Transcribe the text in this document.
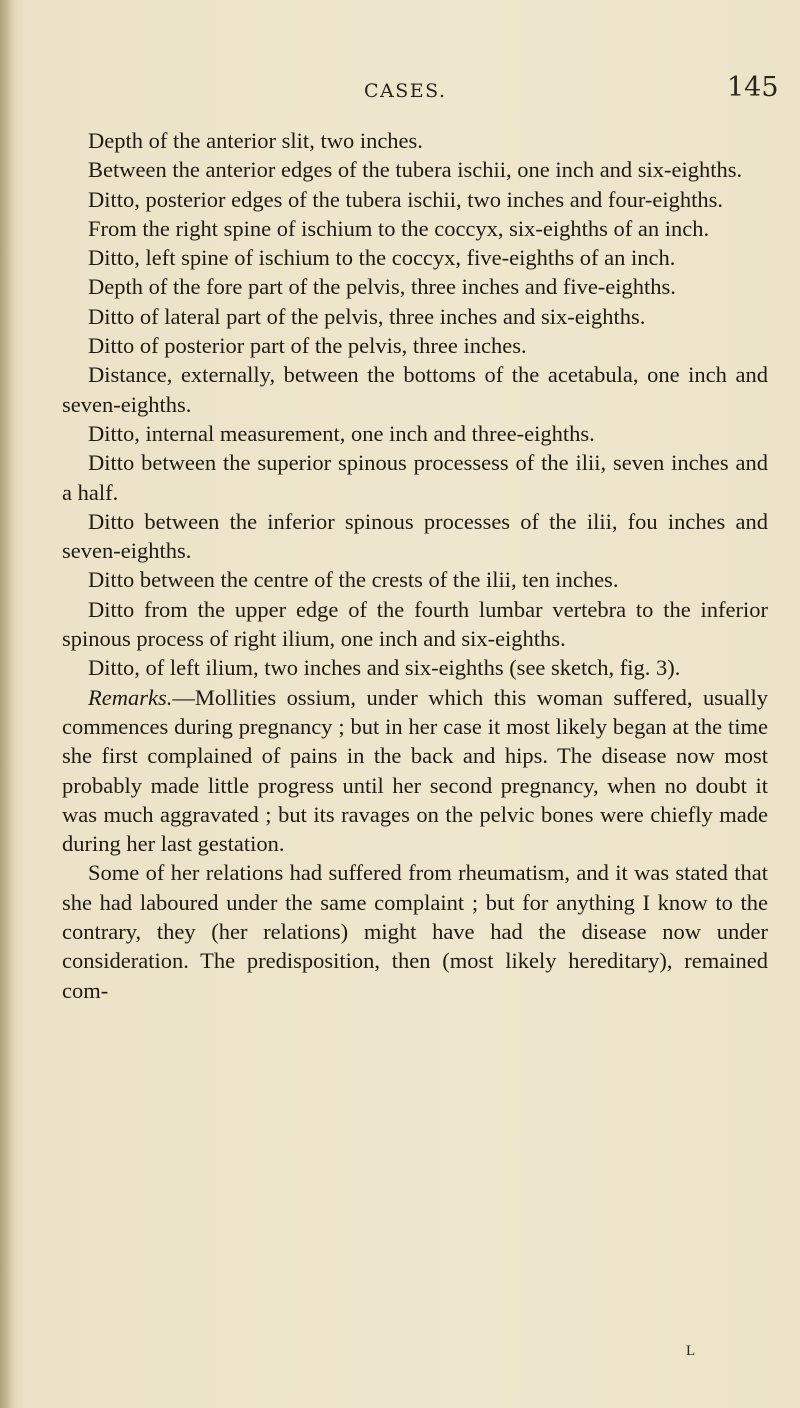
CASES.	145

Depth of the anterior slit, two inches.

Between the anterior edges of the tubera ischii, one inch and six-eighths.

Ditto, posterior edges of the tubera ischii, two inches and four-eighths.

From the right spine of ischium to the coccyx, six-eighths of an inch.

Ditto, left spine of ischium to the coccyx, five-eighths of an inch.

Depth of the fore part of the pelvis, three inches and five-eighths.

Ditto of lateral part of the pelvis, three inches and six-eighths.

Ditto of posterior part of the pelvis, three inches.

Distance, externally, between the bottoms of the acetabula, one inch and seven-eighths.

Ditto, internal measurement, one inch and three-eighths.

Ditto between the superior spinous processess of the ilii, seven inches and a half.

Ditto between the inferior spinous processes of the ilii, fou inches and seven-eighths.

Ditto between the centre of the crests of the ilii, ten inches.

Ditto from the upper edge of the fourth lumbar vertebra to the inferior spinous process of right ilium, one inch and six-eighths.

Ditto, of left ilium, two inches and six-eighths (see sketch, fig. 3).

Remarks.—Mollities ossium, under which this woman suffered, usually commences during pregnancy ; but in her case it most likely began at the time she first complained of pains in the back and hips. The disease now most probably made little progress until her second pregnancy, when no doubt it was much aggravated ; but its ravages on the pelvic bones were chiefly made during her last gestation.

Some of her relations had suffered from rheumatism, and it was stated that she had laboured under the same complaint ; but for anything I know to the contrary, they (her relations) might have had the disease now under consideration. The predisposition, then (most likely hereditary), remained com-

L
